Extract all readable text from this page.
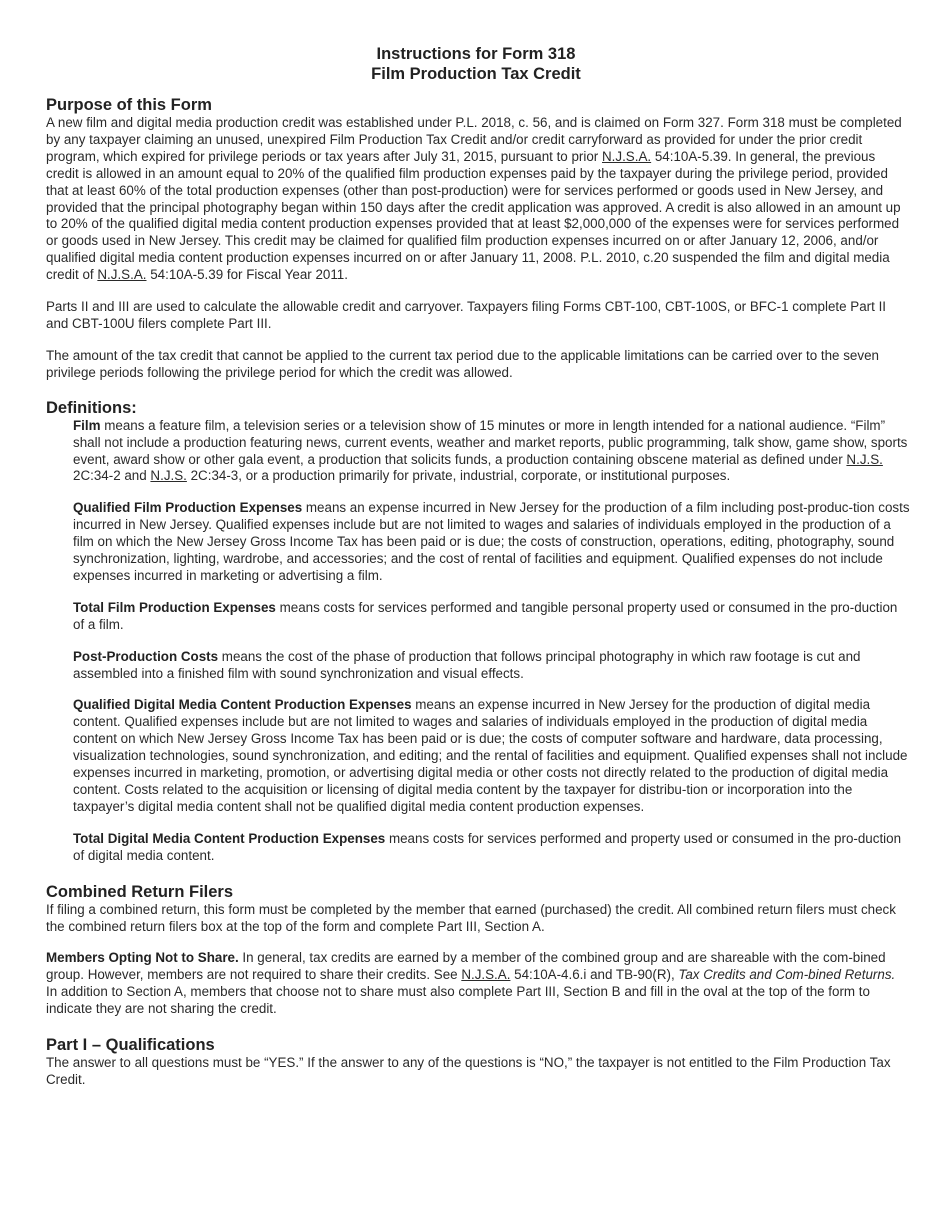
Instructions for Form 318
Film Production Tax Credit
Purpose of this Form

A new film and digital media production credit was established under P.L. 2018, c. 56, and is claimed on Form 327. Form 318 must be completed by any taxpayer claiming an unused, unexpired Film Production Tax Credit and/or credit carryforward as provided for under the prior credit program, which expired for privilege periods or tax years after July 31, 2015, pursuant to prior N.J.S.A. 54:10A-5.39. In general, the previous credit is allowed in an amount equal to 20% of the qualified film production expenses paid by the taxpayer during the privilege period, provided that at least 60% of the total production expenses (other than post-production) were for services performed or goods used in New Jersey, and provided that the principal photography began within 150 days after the credit application was approved. A credit is also allowed in an amount up to 20% of the qualified digital media content production expenses provided that at least $2,000,000 of the expenses were for services performed or goods used in New Jersey. This credit may be claimed for qualified film production expenses incurred on or after January 12, 2006, and/or qualified digital media content production expenses incurred on or after January 11, 2008. P.L. 2010, c.20 suspended the film and digital media credit of N.J.S.A. 54:10A-5.39 for Fiscal Year 2011.

Parts II and III are used to calculate the allowable credit and carryover. Taxpayers filing Forms CBT-100, CBT-100S, or BFC-1 complete Part II and CBT-100U filers complete Part III.

The amount of the tax credit that cannot be applied to the current tax period due to the applicable limitations can be carried over to the seven privilege periods following the privilege period for which the credit was allowed.

Definitions:

Film means a feature film, a television series or a television show of 15 minutes or more in length intended for a national audience. “Film” shall not include a production featuring news, current events, weather and market reports, public programming, talk show, game show, sports event, award show or other gala event, a production that solicits funds, a production containing obscene material as defined under N.J.S. 2C:34-2 and N.J.S. 2C:34-3, or a production primarily for private, industrial, corporate, or institutional purposes.

Qualified Film Production Expenses means an expense incurred in New Jersey for the production of a film including post-produc-tion costs incurred in New Jersey. Qualified expenses include but are not limited to wages and salaries of individuals employed in the production of a film on which the New Jersey Gross Income Tax has been paid or is due; the costs of construction, operations, editing, photography, sound synchronization, lighting, wardrobe, and accessories; and the cost of rental of facilities and equipment. Qualified expenses do not include expenses incurred in marketing or advertising a film.

Total Film Production Expenses means costs for services performed and tangible personal property used or consumed in the pro-duction of a film.

Post-Production Costs means the cost of the phase of production that follows principal photography in which raw footage is cut and assembled into a finished film with sound synchronization and visual effects.

Qualified Digital Media Content Production Expenses means an expense incurred in New Jersey for the production of digital media content. Qualified expenses include but are not limited to wages and salaries of individuals employed in the production of digital media content on which New Jersey Gross Income Tax has been paid or is due; the costs of computer software and hardware, data processing, visualization technologies, sound synchronization, and editing; and the rental of facilities and equipment. Qualified expenses shall not include expenses incurred in marketing, promotion, or advertising digital media or other costs not directly related to the production of digital media content. Costs related to the acquisition or licensing of digital media content by the taxpayer for distribu-tion or incorporation into the taxpayer’s digital media content shall not be qualified digital media content production expenses.

Total Digital Media Content Production Expenses means costs for services performed and property used or consumed in the pro-duction of digital media content.

Combined Return Filers

If filing a combined return, this form must be completed by the member that earned (purchased) the credit. All combined return filers must check the combined return filers box at the top of the form and complete Part III, Section A.

Members Opting Not to Share. In general, tax credits are earned by a member of the combined group and are shareable with the com-bined group. However, members are not required to share their credits. See N.J.S.A. 54:10A-4.6.i and TB-90(R), Tax Credits and Com-bined Returns. In addition to Section A, members that choose not to share must also complete Part III, Section B and fill in the oval at the top of the form to indicate they are not sharing the credit.

Part I – Qualifications

The answer to all questions must be “YES.” If the answer to any of the questions is “NO,” the taxpayer is not entitled to the Film Production Tax Credit.
